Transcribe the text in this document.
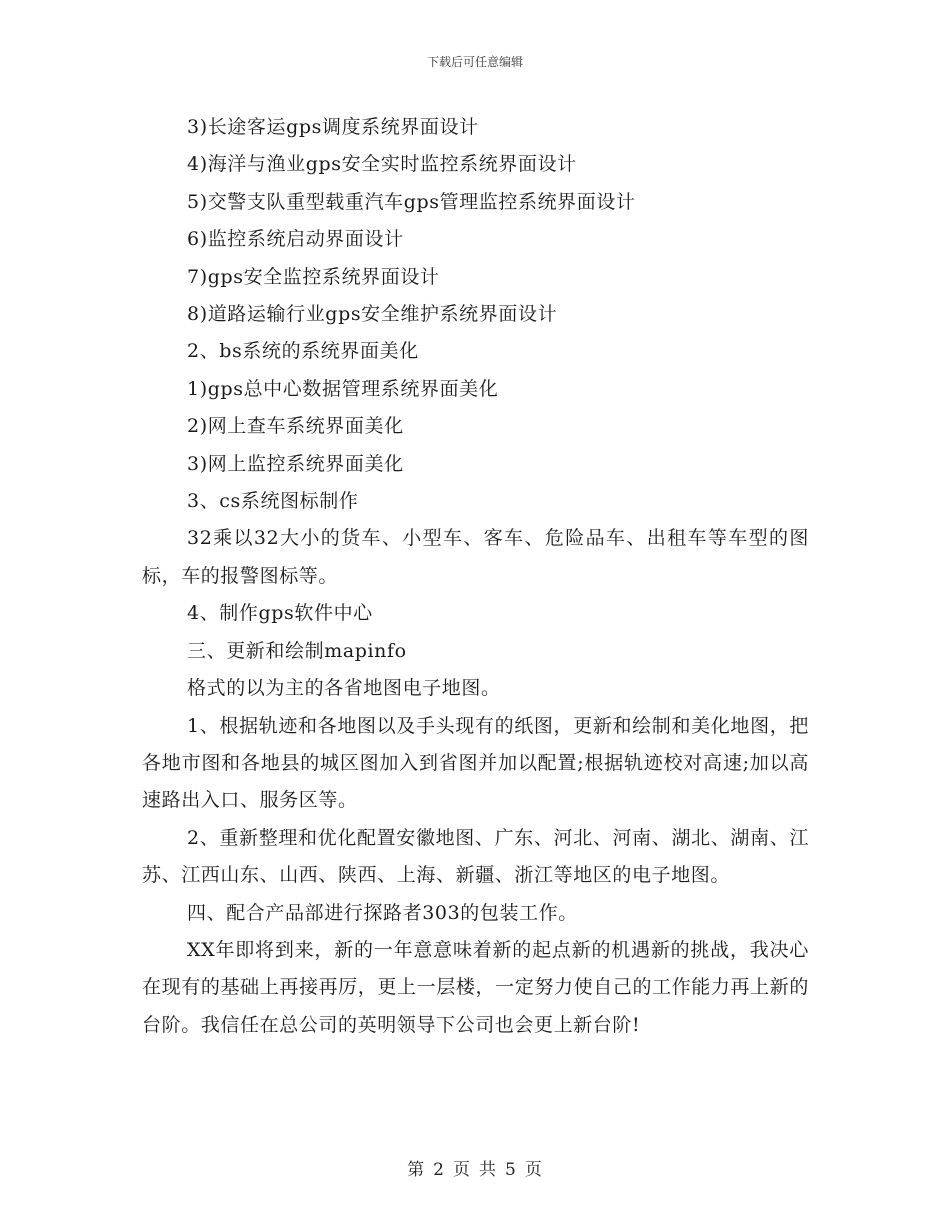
下载后可任意编辑

3)长途客运gps调度系统界面设计

4)海洋与渔业gps安全实时监控系统界面设计

5)交警支队重型载重汽车gps管理监控系统界面设计

6)监控系统启动界面设计

7)gps安全监控系统界面设计

8)道路运输行业gps安全维护系统界面设计

2、bs系统的系统界面美化

1)gps总中心数据管理系统界面美化

2)网上查车系统界面美化

3)网上监控系统界面美化

3、cs系统图标制作

32乘以32大小的货车、小型车、客车、危险品车、出租车等车型的图标，车的报警图标等。

4、制作gps软件中心

三、更新和绘制mapinfo

格式的以为主的各省地图电子地图。

1、根据轨迹和各地图以及手头现有的纸图，更新和绘制和美化地图，把各地市图和各地县的城区图加入到省图并加以配置;根据轨迹校对高速;加以高速路出入口、服务区等。

2、重新整理和优化配置安徽地图、广东、河北、河南、湖北、湖南、江苏、江西山东、山西、陕西、上海、新疆、浙江等地区的电子地图。

四、配合产品部进行探路者303的包装工作。

XX年即将到来，新的一年意意味着新的起点新的机遇新的挑战，我决心在现有的基础上再接再厉，更上一层楼，一定努力使自己的工作能力再上新的台阶。我信任在总公司的英明领导下公司也会更上新台阶!

第 2 页 共 5 页
